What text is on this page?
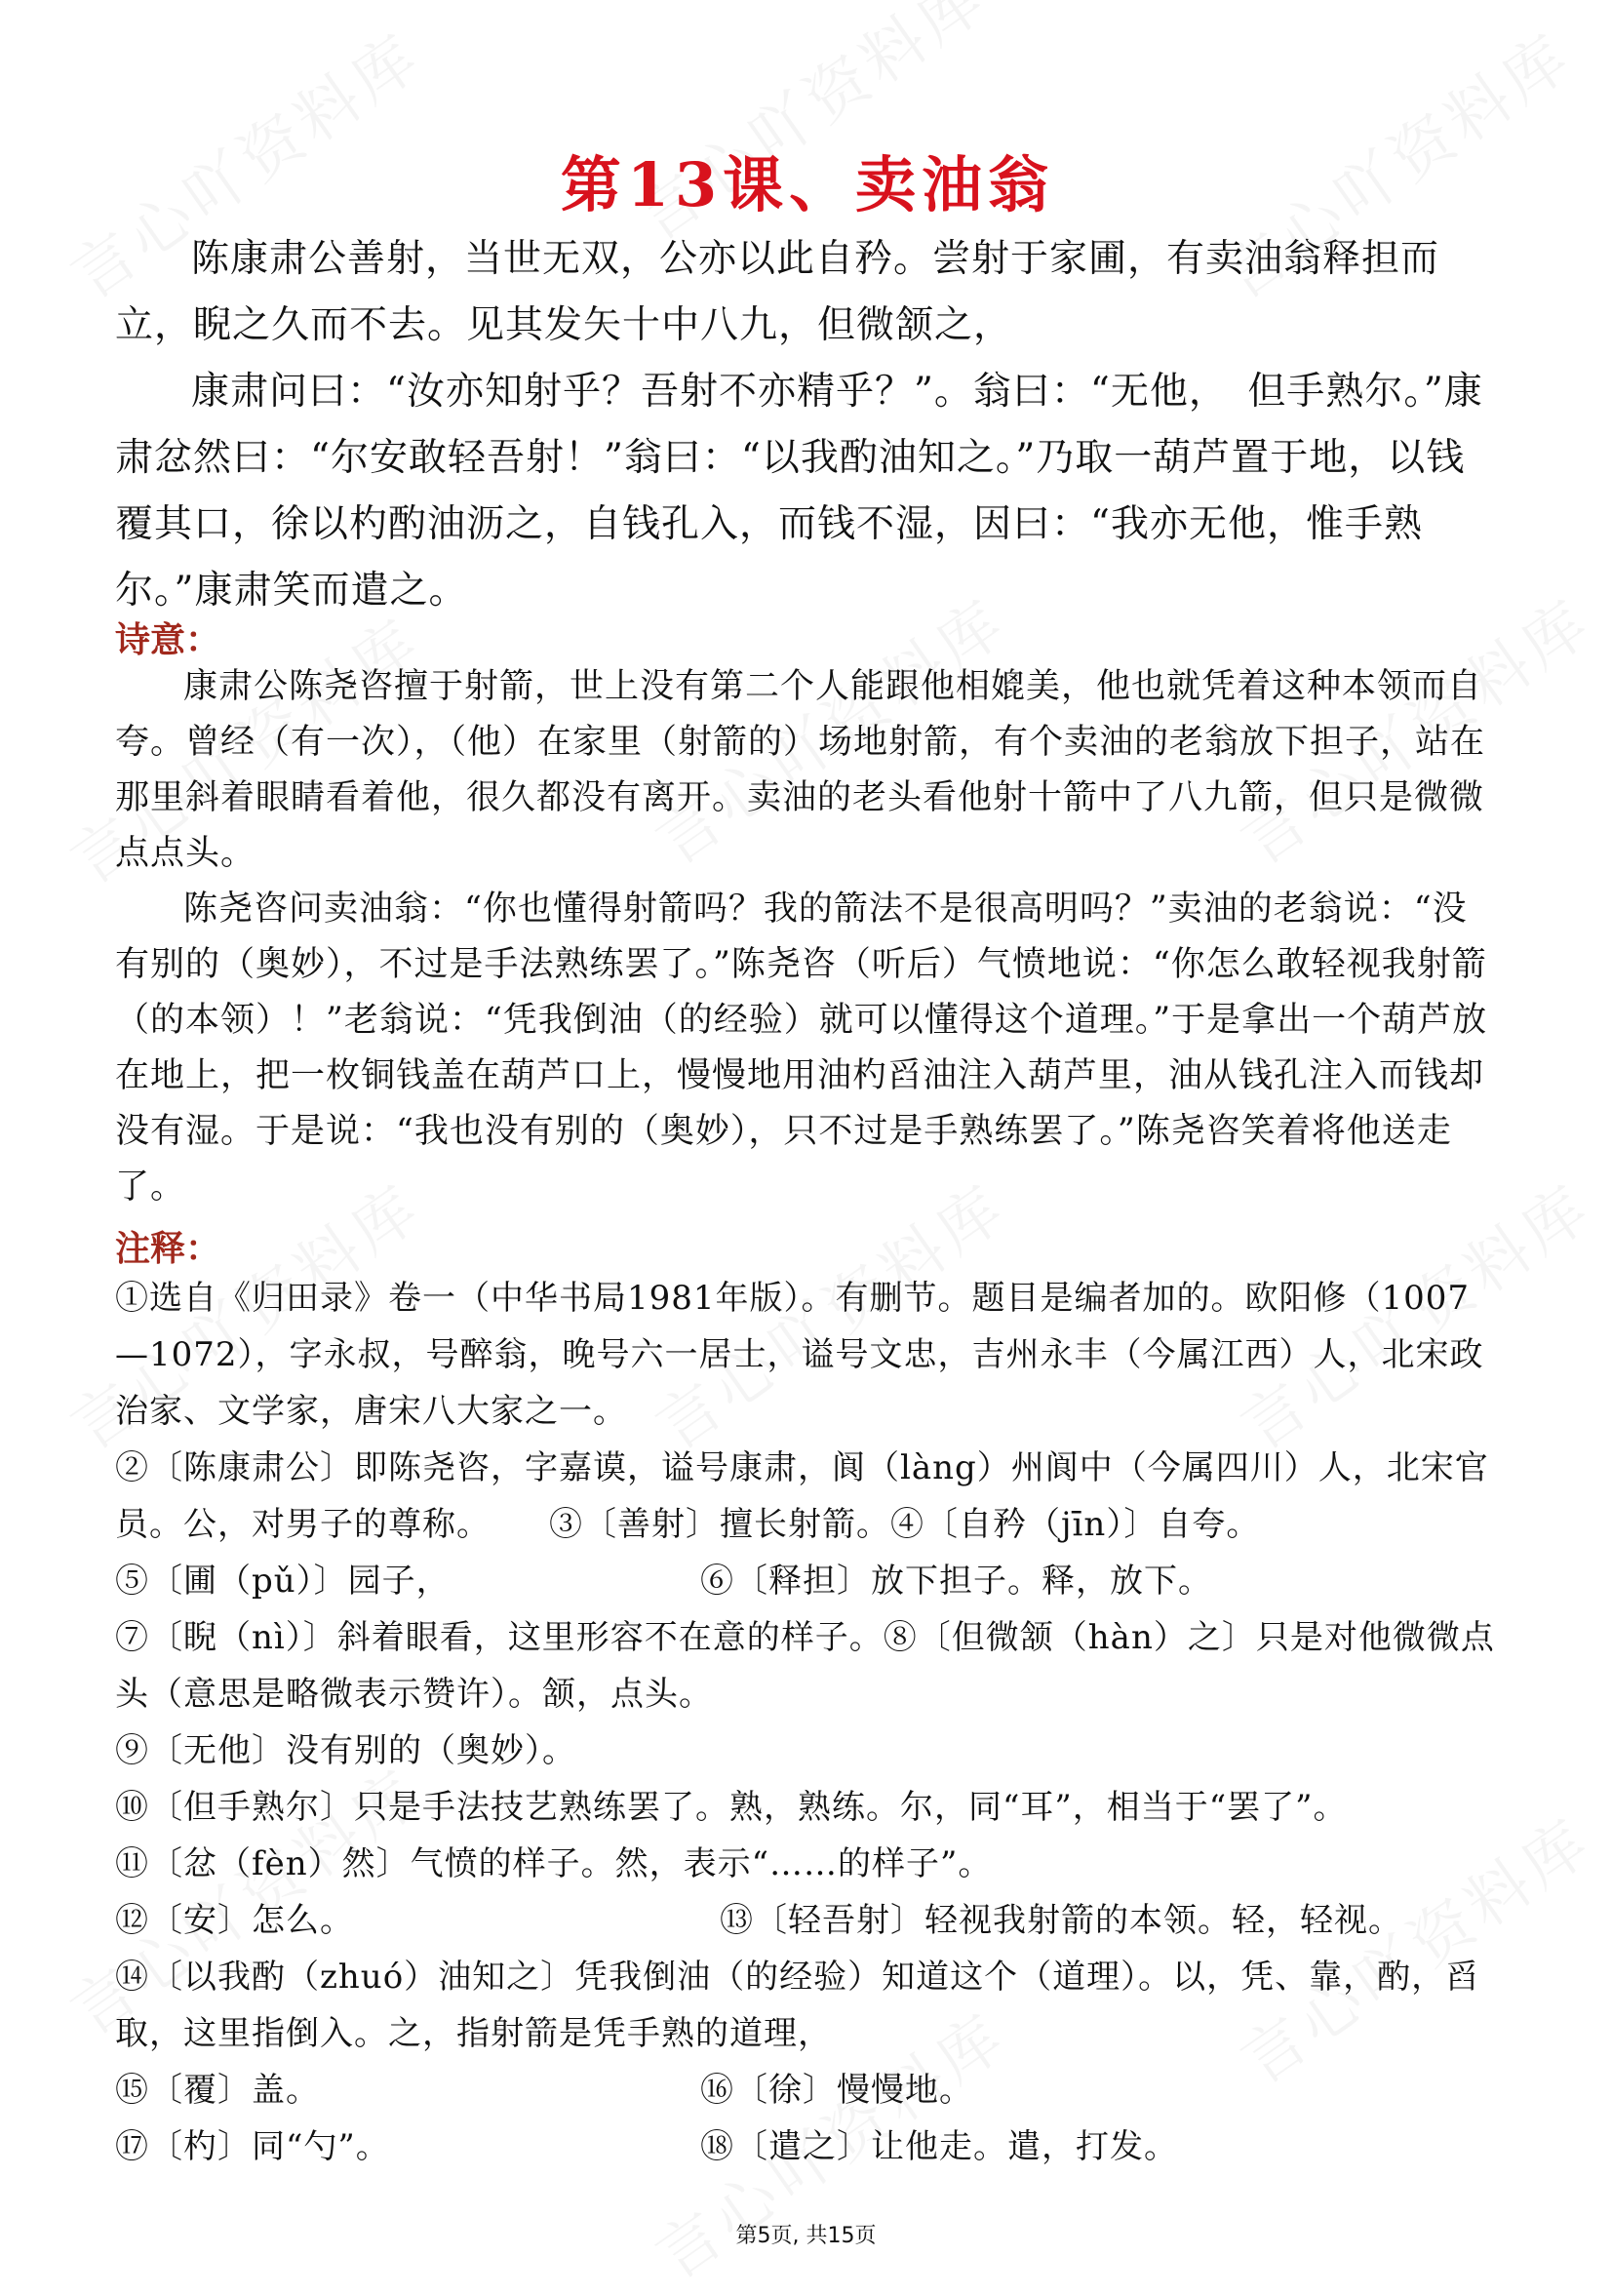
第13课、卖油翁

陈康肃公善射，当世无双，公亦以此自矜。尝射于家圃，有卖油翁释担而立，睨之久而不去。见其发矢十中八九，但微颔之，

康肃问曰：“汝亦知射乎？吾射不亦精乎？”。翁曰：“无他，　但手熟尔。”康肃忿然曰：“尔安敢轻吾射！”翁曰：“以我酌油知之。”乃取一葫芦置于地，以钱覆其口，徐以杓酌油沥之，自钱孔入，而钱不湿，因曰：“我亦无他，惟手熟尔。”康肃笑而遣之。

诗意：

康肃公陈尧咨擅于射箭，世上没有第二个人能跟他相媲美，他也就凭着这种本领而自夸。曾经（有一次），（他）在家里（射箭的）场地射箭，有个卖油的老翁放下担子，站在那里斜着眼睛看着他，很久都没有离开。卖油的老头看他射十箭中了八九箭，但只是微微点点头。

陈尧咨问卖油翁：“你也懂得射箭吗？我的箭法不是很高明吗？”卖油的老翁说：“没有别的（奥妙），不过是手法熟练罢了。”陈尧咨（听后）气愤地说：“你怎么敢轻视我射箭（的本领）！”老翁说：“凭我倒油（的经验）就可以懂得这个道理。”于是拿出一个葫芦放在地上，把一枚铜钱盖在葫芦口上，慢慢地用油杓舀油注入葫芦里，油从钱孔注入而钱却没有湿。于是说：“我也没有别的（奥妙），只不过是手熟练罢了。”陈尧咨笑着将他送走了。

注释：
①选自《归田录》卷一（中华书局1981年版）。有删节。题目是编者加的。欧阳修（1007—1072），字永叔，号醉翁，晚号六一居士，谥号文忠，吉州永丰（今属江西）人，北宋政治家、文学家，唐宋八大家之一。
②〔陈康肃公〕即陈尧咨，字嘉谟，谥号康肃，阆（làng）州阆中（今属四川）人，北宋官员。公，对男子的尊称。 ③〔善射〕擅长射箭。④〔自矜（jīn）〕自夸。
⑤〔圃（pǔ）〕园子，	⑥〔释担〕放下担子。释，放下。
⑦〔睨（nì）〕斜着眼看，这里形容不在意的样子。⑧〔但微颔（hàn）之〕只是对他微微点头（意思是略微表示赞许）。颔，点头。
⑨〔无他〕没有别的（奥妙）。
⑩〔但手熟尔〕只是手法技艺熟练罢了。熟，熟练。尔，同“耳”，相当于“罢了”。
⑪〔忿（fèn）然〕气愤的样子。然，表示“……的样子”。
⑫〔安〕怎么。	⑬〔轻吾射〕轻视我射箭的本领。轻，轻视。
⑭〔以我酌（zhuó）油知之〕凭我倒油（的经验）知道这个（道理）。以，凭、靠，酌，舀取，这里指倒入。之，指射箭是凭手熟的道理，
⑮〔覆〕盖。	⑯〔徐〕慢慢地。
⑰〔杓〕同“勺”。	⑱〔遣之〕让他走。遣，打发。
第5页, 共15页
